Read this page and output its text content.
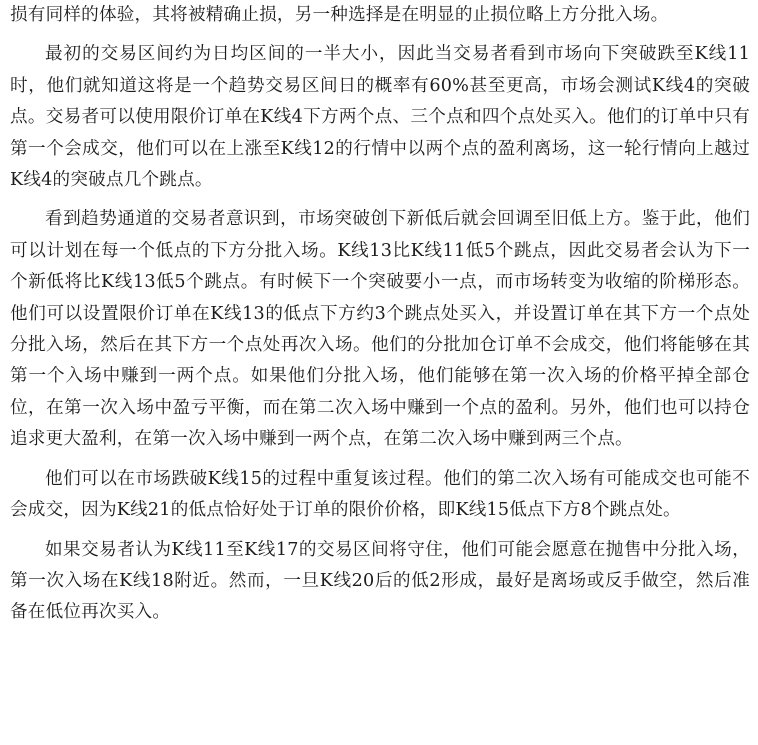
损有同样的体验，其将被精确止损，另一种选择是在明显的止损位略上方分批入场。

最初的交易区间约为日均区间的一半大小，因此当交易者看到市场向下突破跌至K线11时，他们就知道这将是一个趋势交易区间日的概率有60%甚至更高，市场会测试K线4的突破点。交易者可以使用限价订单在K线4下方两个点、三个点和四个点处买入。他们的订单中只有第一个会成交，他们可以在上涨至K线12的行情中以两个点的盈利离场，这一轮行情向上越过K线4的突破点几个跳点。

看到趋势通道的交易者意识到，市场突破创下新低后就会回调至旧低上方。鉴于此，他们可以计划在每一个低点的下方分批入场。K线13比K线11低5个跳点，因此交易者会认为下一个新低将比K线13低5个跳点。有时候下一个突破要小一点，而市场转变为收缩的阶梯形态。他们可以设置限价订单在K线13的低点下方约3个跳点处买入，并设置订单在其下方一个点处分批入场，然后在其下方一个点处再次入场。他们的分批加仓订单不会成交，他们将能够在其第一个入场中赚到一两个点。如果他们分批入场，他们能够在第一次入场的价格平掉全部仓位，在第一次入场中盈亏平衡，而在第二次入场中赚到一个点的盈利。另外，他们也可以持仓追求更大盈利，在第一次入场中赚到一两个点，在第二次入场中赚到两三个点。

他们可以在市场跌破K线15的过程中重复该过程。他们的第二次入场有可能成交也可能不会成交，因为K线21的低点恰好处于订单的限价价格，即K线15低点下方8个跳点处。

如果交易者认为K线11至K线17的交易区间将守住，他们可能会愿意在抛售中分批入场，第一次入场在K线18附近。然而，一旦K线20后的低2形成，最好是离场或反手做空，然后准备在低位再次买入。
